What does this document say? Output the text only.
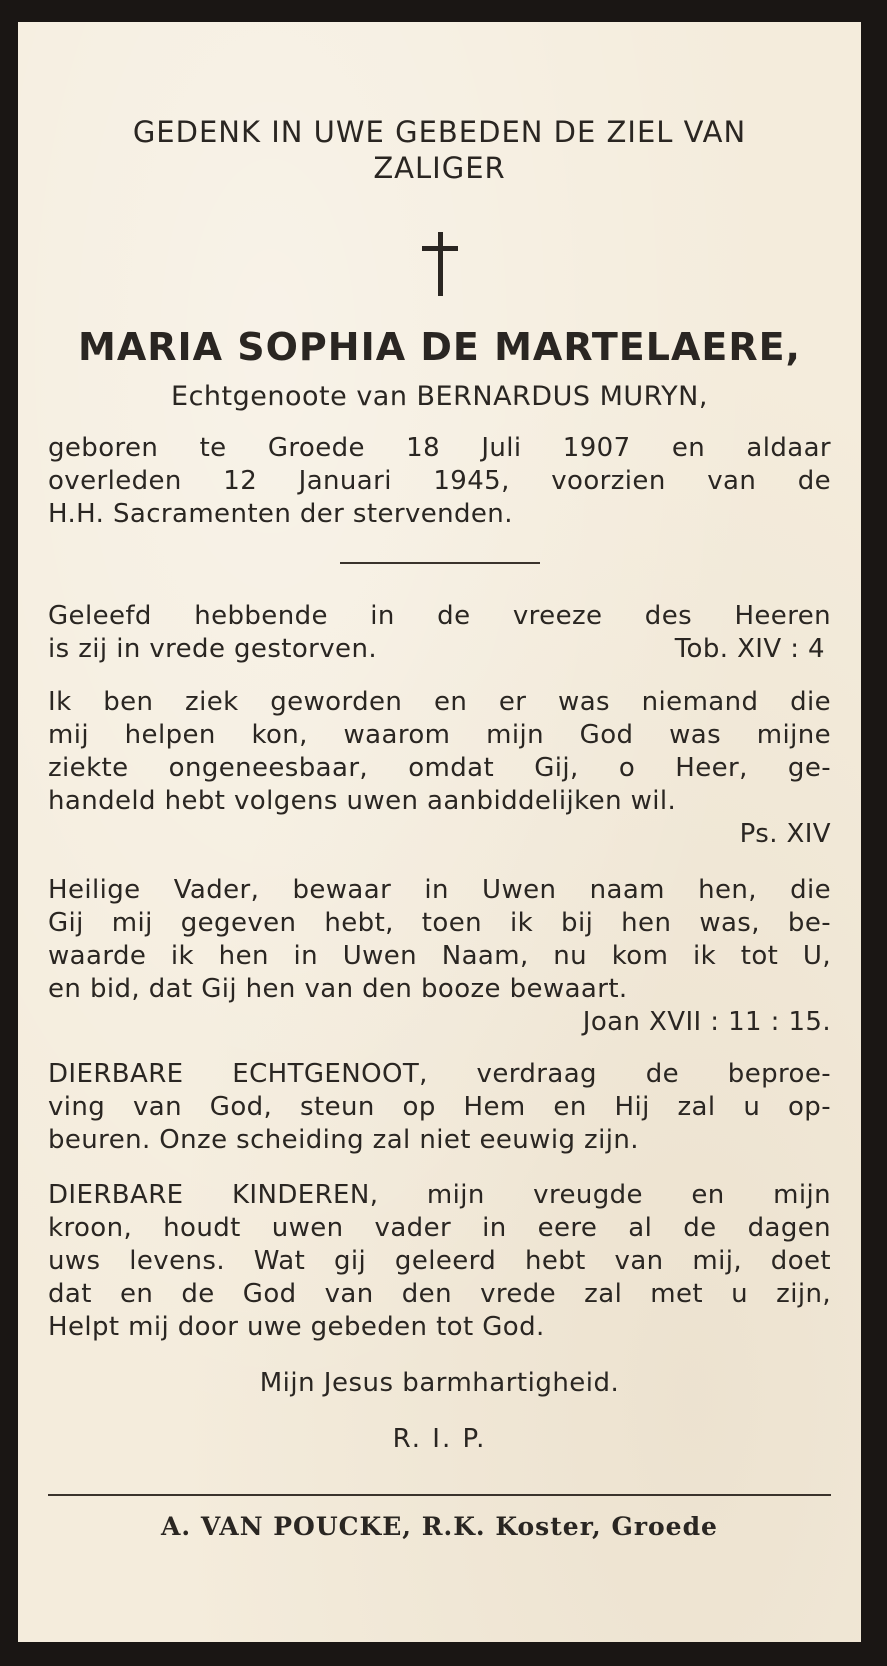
GEDENK IN UWE GEBEDEN DE ZIEL VAN
ZALIGER
MARIA SOPHIA DE MARTELAERE,
Echtgenoote van BERNARDUS MURYN,
geboren te Groede 18 Juli 1907 en aldaar
overleden 12 Januari 1945, voorzien van de
H.H. Sacramenten der stervenden.
Geleefd hebbende in de vreeze des Heeren
is zij in vrede gestorven.	Tob. XIV : 4
Ik ben ziek geworden en er was niemand die
mij helpen kon, waarom mijn God was mijne
ziekte ongeneesbaar, omdat Gij, o Heer, ge-
handeld hebt volgens uwen aanbiddelijken wil.
Ps. XIV
Heilige Vader, bewaar in Uwen naam hen, die
Gij mij gegeven hebt, toen ik bij hen was, be-
waarde ik hen in Uwen Naam, nu kom ik tot U,
en bid, dat Gij hen van den booze bewaart.
Joan XVII : 11 : 15.
DIERBARE ECHTGENOOT, verdraag de beproe-
ving van God, steun op Hem en Hij zal u op-
beuren. Onze scheiding zal niet eeuwig zijn.
DIERBARE KINDEREN, mijn vreugde en mijn
kroon, houdt uwen vader in eere al de dagen
uws levens. Wat gij geleerd hebt van mij, doet
dat en de God van den vrede zal met u zijn,
Helpt mij door uwe gebeden tot God.
Mijn Jesus barmhartigheid.
R. I. P.
A. VAN POUCKE, R.K. Koster, Groede
